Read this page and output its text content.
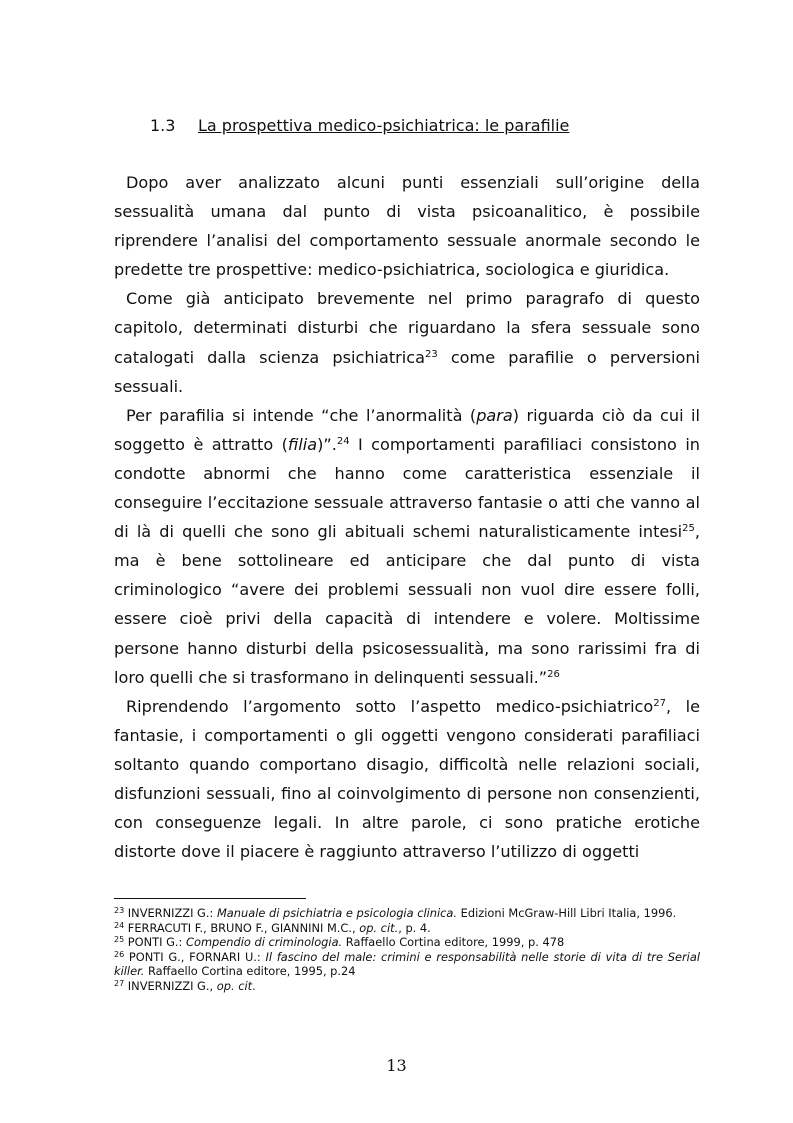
1.3 La prospettiva medico-psichiatrica: le parafilie

Dopo aver analizzato alcuni punti essenziali sull’origine della sessualità umana dal punto di vista psicoanalitico, è possibile riprendere l’analisi del comportamento sessuale anormale secondo le predette tre prospettive: medico-psichiatrica, sociologica e giuridica.

Come già anticipato brevemente nel primo paragrafo di questo capitolo, determinati disturbi che riguardano la sfera sessuale sono catalogati dalla scienza psichiatrica$^{23}$ come parafilie o perversioni sessuali.

Per parafilia si intende “che l’anormalità (para) riguarda ciò da cui il soggetto è attratto (filia)”.$^{24}$ I comportamenti parafiliaci consistono in condotte abnormi che hanno come caratteristica essenziale il conseguire l’eccitazione sessuale attraverso fantasie o atti che vanno al di là di quelli che sono gli abituali schemi naturalisticamente intesi$^{25}$, ma è bene sottolineare ed anticipare che dal punto di vista criminologico “avere dei problemi sessuali non vuol dire essere folli, essere cioè privi della capacità di intendere e volere. Moltissime persone hanno disturbi della psicosessualità, ma sono rarissimi fra di loro quelli che si trasformano in delinquenti sessuali.”$^{26}$

Riprendendo l’argomento sotto l’aspetto medico-psichiatrico$^{27}$, le fantasie, i comportamenti o gli oggetti vengono considerati parafiliaci soltanto quando comportano disagio, difficoltà nelle relazioni sociali, disfunzioni sessuali, fino al coinvolgimento di persone non consenzienti, con conseguenze legali. In altre parole, ci sono pratiche erotiche distorte dove il piacere è raggiunto attraverso l’utilizzo di oggetti

$^{23}$ INVERNIZZI G.: Manuale di psichiatria e psicologia clinica. Edizioni McGraw-Hill Libri Italia, 1996.
$^{24}$ FERRACUTI F., BRUNO F., GIANNINI M.C., op. cit., p. 4.
$^{25}$ PONTI G.: Compendio di criminologia. Raffaello Cortina editore, 1999, p. 478
$^{26}$ PONTI G., FORNARI U.: Il fascino del male: crimini e responsabilità nelle storie di vita di tre Serial killer. Raffaello Cortina editore, 1995, p.24
$^{27}$ INVERNIZZI G., op. cit.
13
